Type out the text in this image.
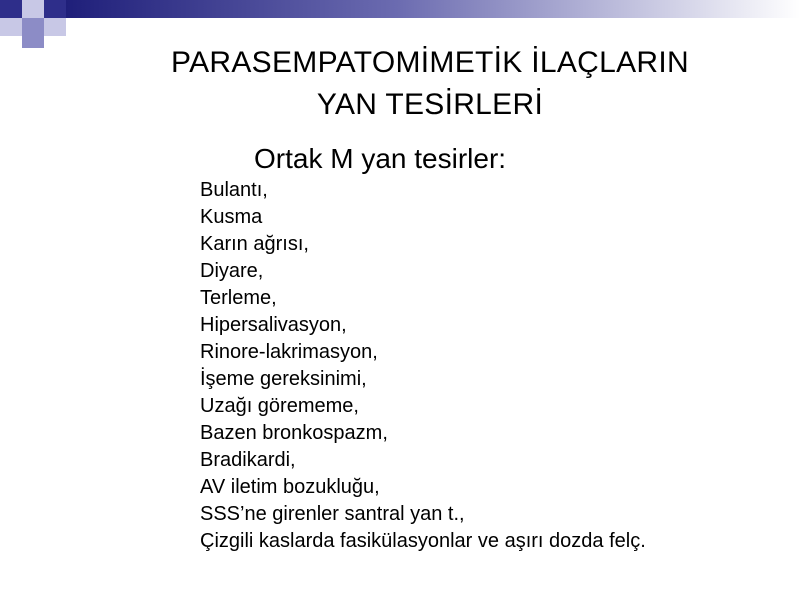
PARASEMPATOMİMETİK İLAÇLARIN
YAN TESİRLERİ
Ortak M yan tesirler:
Bulantı,
Kusma
Karın ağrısı,
Diyare,
Terleme,
Hipersalivasyon,
Rinore-lakrimasyon,
İşeme gereksinimi,
Uzağı görememe,
Bazen bronkospazm,
Bradikardi,
AV iletim bozukluğu,
SSS’ne girenler santral yan t.,
Çizgili kaslarda fasikülasyonlar ve aşırı dozda felç.
